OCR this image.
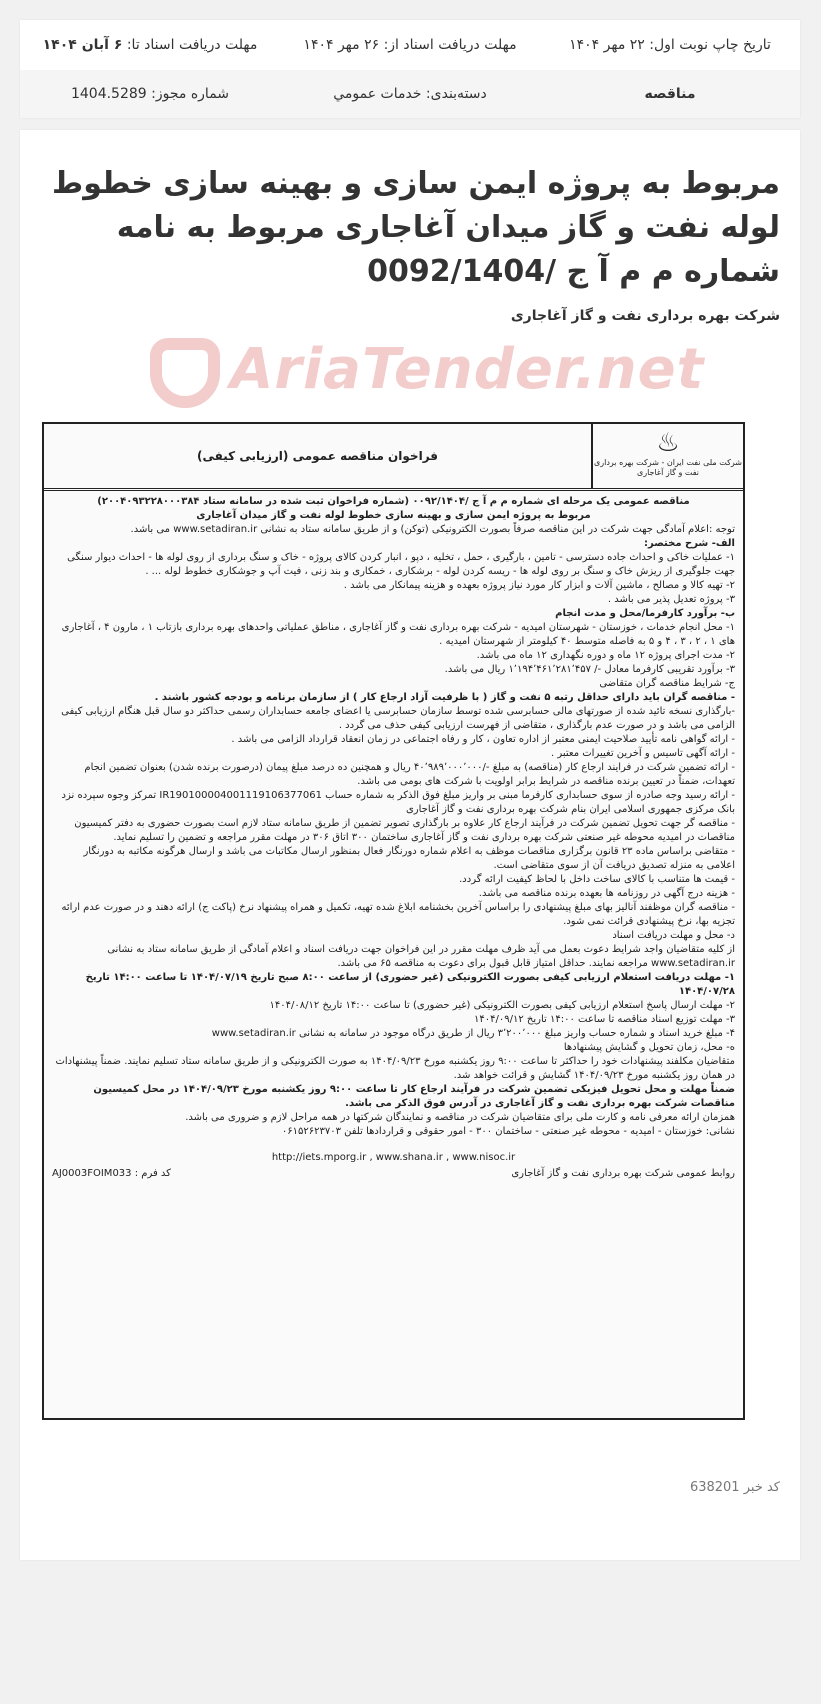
تاریخ چاپ نوبت اول: ۲۲ مهر ۱۴۰۴
مهلت دریافت اسناد از: ۲۶ مهر ۱۴۰۴
مهلت دریافت اسناد تا: ۶ آبان ۱۴۰۴
مناقصه
دسته‌بندی: خدمات عمومي
شماره مجوز: 1404.5289
مربوط به پروژه ایمن سازی و بهینه سازی خطوط لوله نفت و گاز میدان آغاجاری مربوط به نامه شماره م م آ ج /0092/1404
شرکت بهره برداری نفت و گاز آغاجاری
AriaTender.net
♨
شرکت ملی نفت ایران - شرکت بهره برداری نفت و گاز آغاجاری
فراخوان مناقصه عمومی (ارزیابی کیفی)

مناقصه عمومی یک مرحله ای شماره م م آ ج /۰۰۹۲/۱۴۰۴ (شماره فراخوان ثبت شده در سامانه ستاد ۲۰۰۴۰۹۳۲۲۸۰۰۰۳۸۴)

مربوط به پروژه ایمن سازی و بهینه سازی خطوط لوله نفت و گاز میدان آغاجاری

توجه :اعلام آمادگی جهت شرکت در این مناقصه صرفاً بصورت الکترونیکی (توکن) و از طریق سامانه ستاد به نشانی www.setadiran.ir می باشد.

الف- شرح مختصر:

۱- عملیات خاکی و احداث جاده دسترسی - تامین ، بارگیری ، حمل ، تخلیه ، دپو ، انبار کردن کالای پروژه - خاک و سنگ برداری از روی لوله ها - احداث دیوار سنگی جهت جلوگیری از ریزش خاک و سنگ بر روی لوله ها - ریسه کردن لوله - برشکاری ، خمکاری و بند زنی ، فیت آپ و جوشکاری خطوط لوله ... .

۲- تهیه کالا و مصالح ، ماشین آلات و ابزار کار مورد نیاز پروژه بعهده و هزینه پیمانکار می باشد .

۳- پروژه تعدیل پذیر می باشد .

ب- برآورد کارفرما/محل و مدت انجام

۱- محل انجام خدمات ، خوزستان - شهرستان امیدیه - شرکت بهره برداری نفت و گاز آغاجاری ، مناطق عملیاتی واحدهای بهره برداری بازتاب ۱ ، مارون ۴ ، آغاجاری های ۱ ، ۲ ، ۳ ، ۴ و ۵ به فاصله متوسط ۴۰ کیلومتر از شهرستان امیدیه .

۲- مدت اجرای پروژه ۱۲ ماه و دوره نگهداری ۱۲ ماه می باشد.

۳- برآورد تقریبی کارفرما معادل -/ ۱٬۱۹۴٬۴۶۱٬۲۸۱٬۴۵۷ ریال می باشد.

ج- شرایط مناقصه گران متقاضی

- مناقصه گران باید دارای حداقل رتبه ۵ نفت و گاز ( با ظرفیت آزاد ارجاع کار ) از سازمان برنامه و بودجه کشور باشند .

-بارگذاری نسخه تائید شده از صورتهای مالی حسابرسی شده توسط سازمان حسابرسی یا اعضای جامعه حسابداران رسمی حداکثر دو سال قبل هنگام ارزیابی کیفی الزامی می باشد و در صورت عدم بارگذاری ، متقاضی از فهرست ارزیابی کیفی حذف می گردد .

- ارائه گواهی نامه تأیید صلاحیت ایمنی معتبر از اداره تعاون ، کار و رفاه اجتماعی در زمان انعقاد قرارداد الزامی می باشد .

- ارائه آگهی تاسیس و آخرین تغییرات معتبر .

- ارائه تضمین شرکت در فرایند ارجاع کار (مناقصه) به مبلغ -/۴۰٬۹۸۹٬۰۰۰٬۰۰۰ ریال و همچنین ده درصد مبلغ پیمان (درصورت برنده شدن) بعنوان تضمین انجام تعهدات، ضمناً در تعیین برنده مناقصه در شرایط برابر اولویت با شرکت های بومی می باشد.

- ارائه رسید وجه صادره از سوی حسابداری کارفرما مبنی بر واریز مبلغ فوق الذکر به شماره حساب IR190100004001119106377061 تمرکز وجوه سپرده نزد بانک مرکزی جمهوری اسلامی ایران بنام شرکت بهره برداری نفت و گاز آغاجاری

- مناقصه گر جهت تحویل تضمین شرکت در فرآیند ارجاع کار علاوه بر بارگذاری تصویر تضمین از طریق سامانه ستاد لازم است بصورت حضوری به دفتر کمیسیون مناقصات در امیدیه محوطه غیر صنعتی شرکت بهره برداری نفت و گاز آغاجاری ساختمان ۳۰۰ اتاق ۳۰۶ در مهلت مقرر مراجعه و تضمین را تسلیم نماید.

- متقاضی براساس ماده ۲۳ قانون برگزاری مناقصات موظف به اعلام شماره دورنگار فعال بمنظور ارسال مکاتبات می باشد و ارسال هرگونه مکاتبه به دورنگار اعلامی به منزله تصدیق دریافت آن از سوی متقاضی است.

- قیمت ها متناسب با کالای ساخت داخل با لحاظ کیفیت ارائه گردد.

- هزینه درج آگهی در روزنامه ها بعهده برنده مناقصه می باشد.

- مناقصه گران موظفند آنالیز بهای مبلغ پیشنهادی را براساس آخرین بخشنامه ابلاغ شده تهیه، تکمیل و همراه پیشنهاد نرخ (پاکت ج) ارائه دهند و در صورت عدم ارائه تجزیه بها، نرخ پیشنهادی قرائت نمی شود.

د- محل و مهلت دریافت اسناد

از کلیه متقاضیان واجد شرایط دعوت بعمل می آید ظرف مهلت مقرر در این فراخوان جهت دریافت اسناد و اعلام آمادگی از طریق سامانه ستاد به نشانی www.setadiran.ir مراجعه نمایند. حداقل امتیاز قابل قبول برای دعوت به مناقصه ۶۵ می باشد.

۱- مهلت دریافت استعلام ارزیابی کیفی بصورت الکترونیکی (غیر حضوری) از ساعت ۸:۰۰ صبح تاریخ ۱۴۰۴/۰۷/۱۹ تا ساعت ۱۴:۰۰ تاریخ ۱۴۰۴/۰۷/۲۸

۲- مهلت ارسال پاسخ استعلام ارزیابی کیفی بصورت الکترونیکی (غیر حضوری) تا ساعت ۱۴:۰۰ تاریخ ۱۴۰۴/۰۸/۱۲

۳- مهلت توزیع اسناد مناقصه تا ساعت ۱۴:۰۰ تاریخ ۱۴۰۴/۰۹/۱۲

۴- مبلغ خرید اسناد و شماره حساب واریز مبلغ ۳٬۲۰۰٬۰۰۰ ریال از طریق درگاه موجود در سامانه به نشانی www.setadiran.ir

ه- محل، زمان تحویل و گشایش پیشنهادها

متقاضیان مکلفند پیشنهادات خود را حداکثر تا ساعت ۹:۰۰ روز یکشنبه مورخ ۱۴۰۴/۰۹/۲۳ به صورت الکترونیکی و از طریق سامانه ستاد تسلیم نمایند. ضمناً پیشنهادات در همان روز یکشنبه مورخ ۱۴۰۴/۰۹/۲۳ گشایش و قرائت خواهد شد.

ضمناً مهلت و محل تحویل فیزیکی تضمین شرکت در فرآیند ارجاع کار تا ساعت ۹:۰۰ روز یکشنبه مورخ ۱۴۰۴/۰۹/۲۳ در محل کمیسیون مناقصات شرکت بهره برداری نفت و گاز آغاجاری در آدرس فوق الذکر می باشد.

همزمان ارائه معرفی نامه و کارت ملی برای متقاضیان شرکت در مناقصه و نمایندگان شرکتها در همه مراحل لازم و ضروری می باشد.

نشانی: خوزستان - امیدیه - محوطه غیر صنعتی - ساختمان ۳۰۰ - امور حقوقی و قراردادها تلفن ۰۶۱۵۲۶۲۳۷۰۳

http://iets.mporg.ir , www.shana.ir , www.nisoc.ir
روابط عمومی شرکت بهره برداری نفت و گاز آغاجاری
کد فرم : AJ0003FOIM033
کد خبر 638201
